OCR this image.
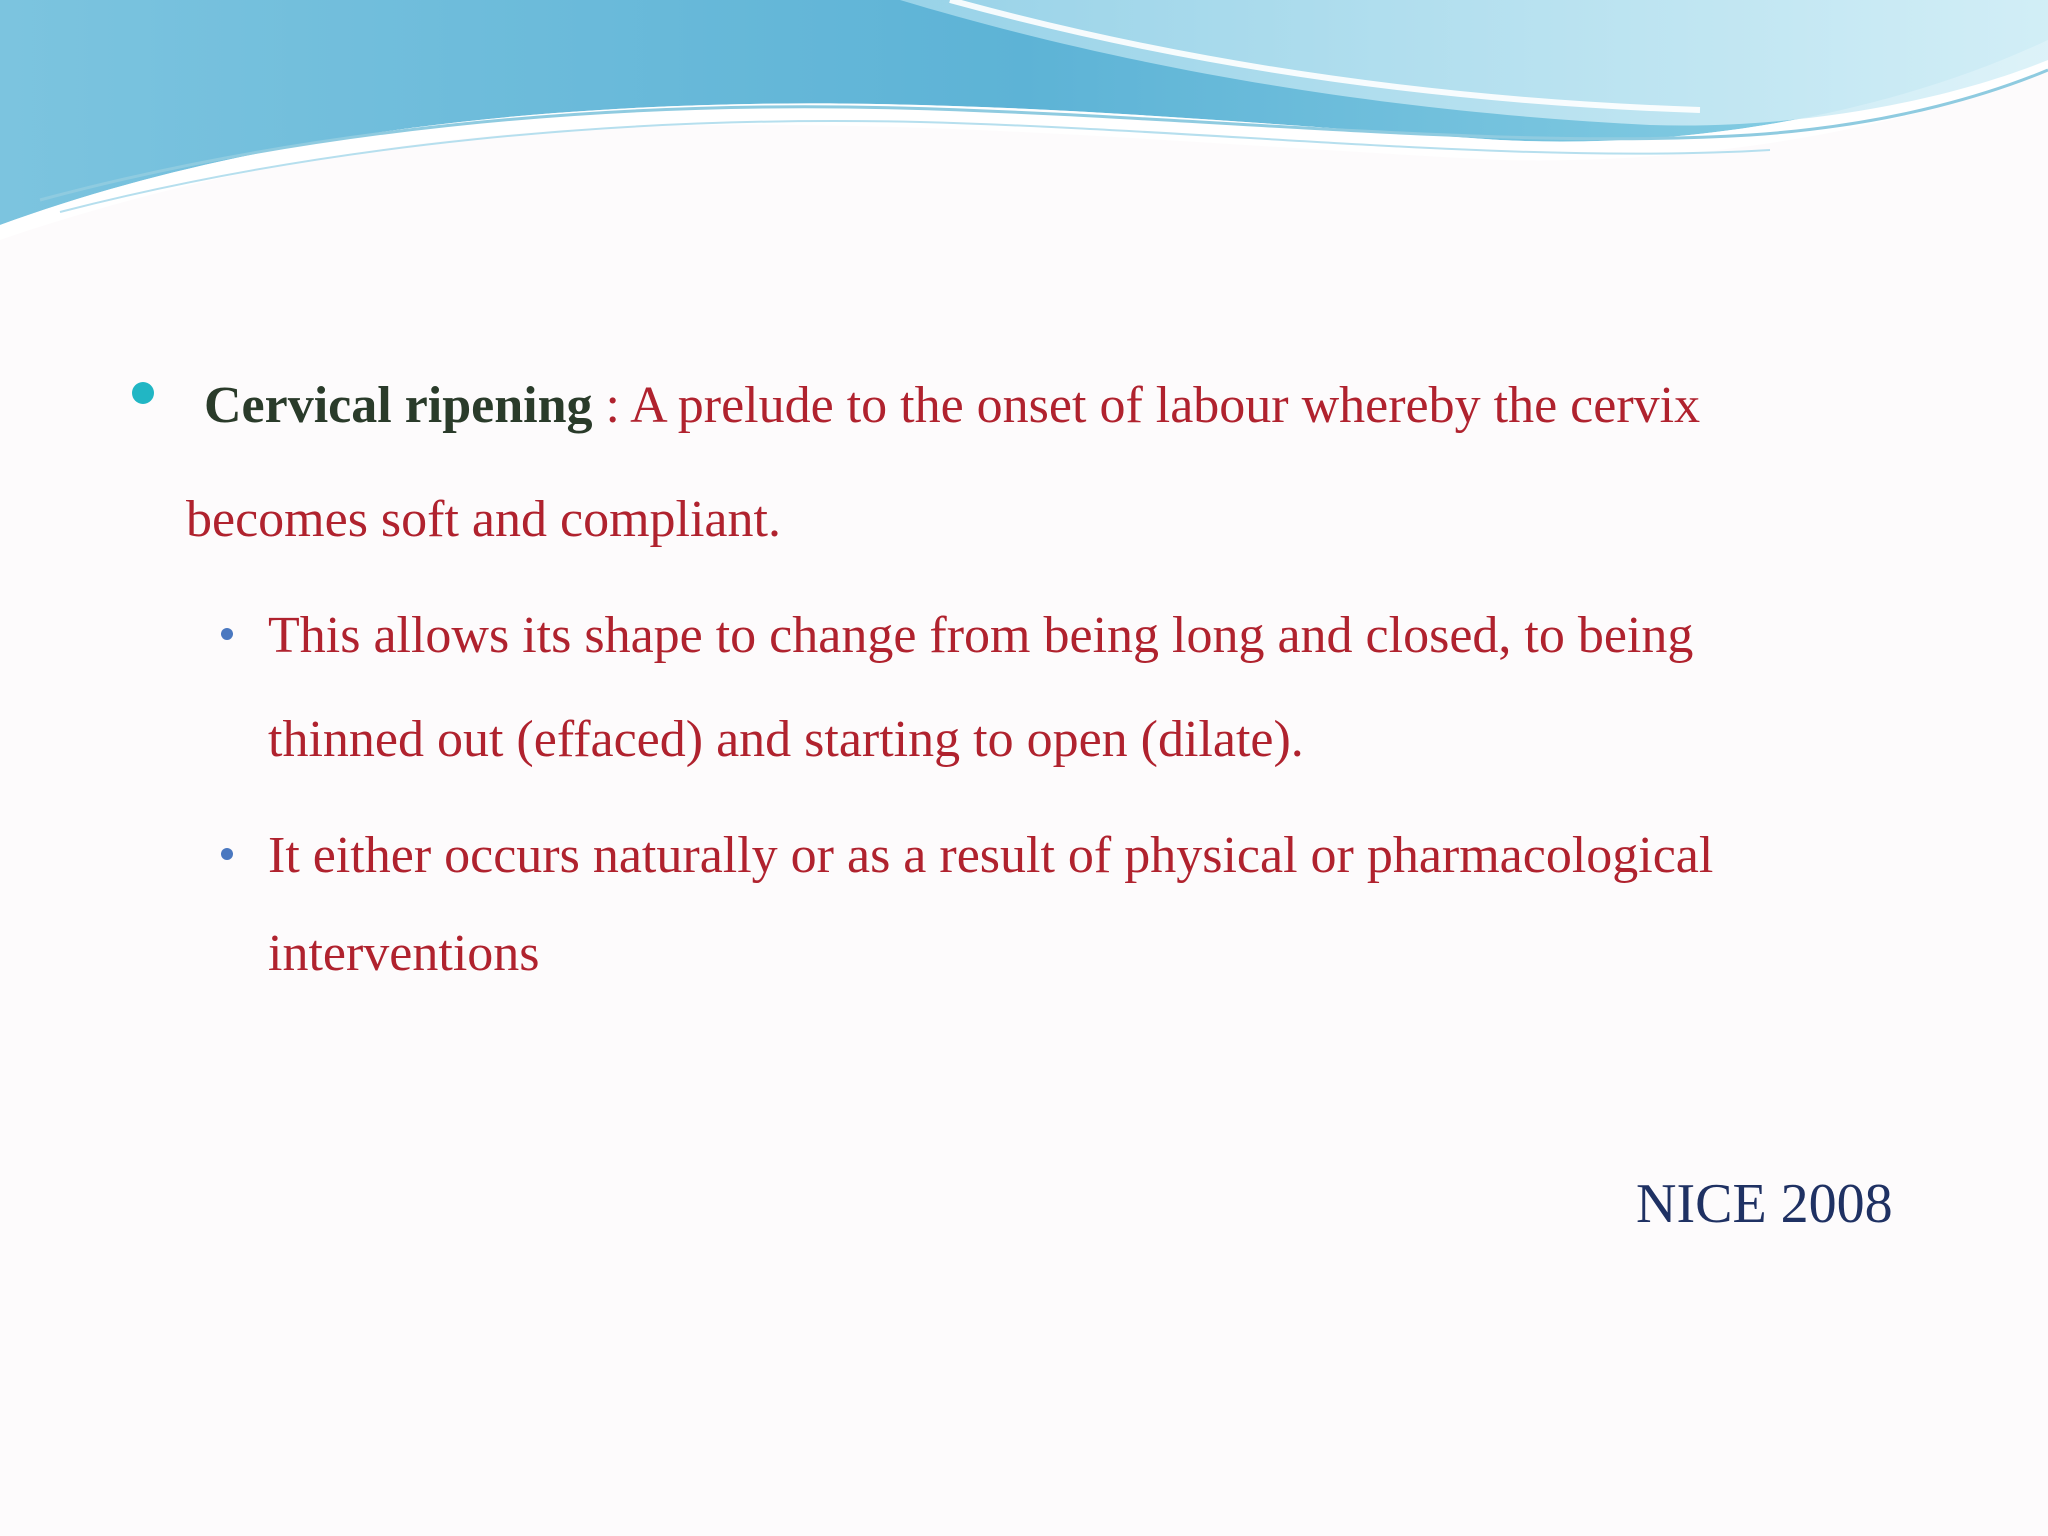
Cervical ripening : A prelude to the onset of labour whereby the cervix
becomes soft and compliant.
This allows its shape to change from being long and closed, to being
thinned out (effaced) and starting to open (dilate).
It either occurs naturally or as a result of physical or pharmacological
interventions
NICE 2008
